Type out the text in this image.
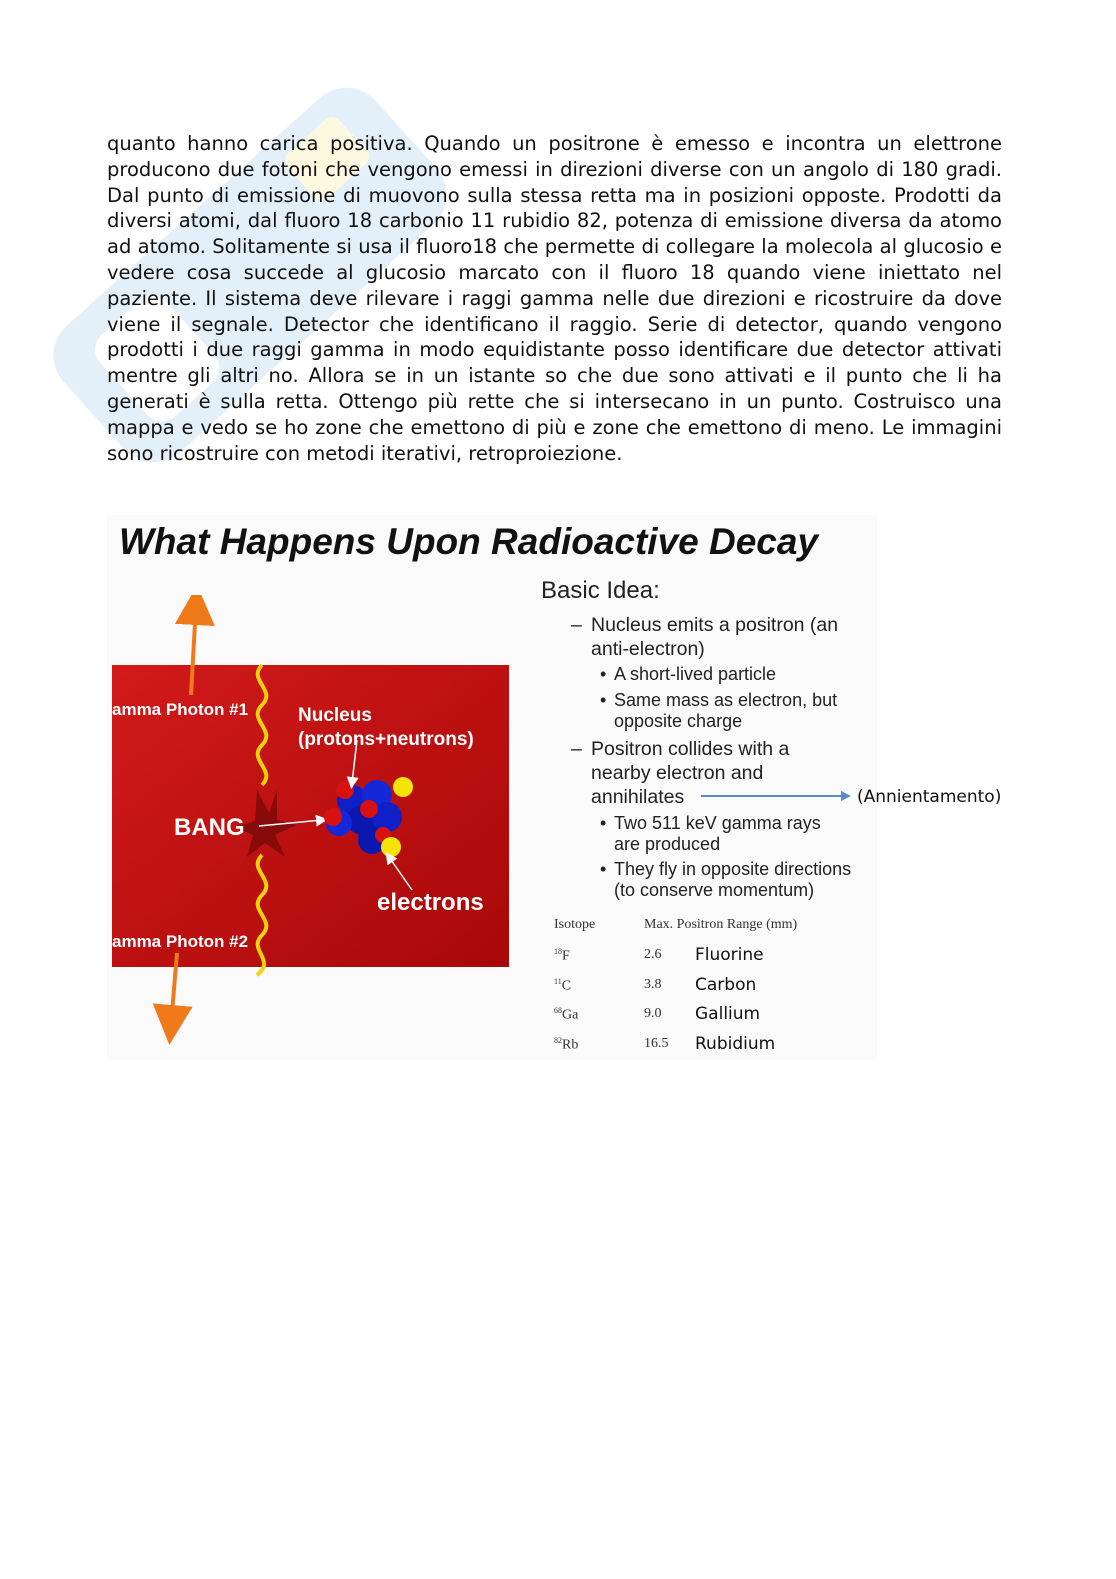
quanto hanno carica positiva. Quando un positrone è emesso e incontra un elettrone producono due fotoni che vengono emessi in direzioni diverse con un angolo di 180 gradi. Dal punto di emissione di muovono sulla stessa retta ma in posizioni opposte. Prodotti da diversi atomi, dal fluoro 18 carbonio 11 rubidio 82, potenza di emissione diversa da atomo ad atomo. Solitamente si usa il fluoro18 che permette di collegare la molecola al glucosio e vedere cosa succede al glucosio marcato con il fluoro 18 quando viene iniettato nel paziente. Il sistema deve rilevare i raggi gamma nelle due direzioni e ricostruire da dove viene il segnale. Detector che identificano il raggio. Serie di detector, quando vengono prodotti i due raggi gamma in modo equidistante posso identificare due detector attivati mentre gli altri no. Allora se in un istante so che due sono attivati e il punto che li ha generati è sulla retta. Ottengo più rette che si intersecano in un punto. Costruisco una mappa e vedo se ho zone che emettono di più e zone che emettono di meno. Le immagini sono ricostruire con metodi iterativi, retroproiezione.

What Happens Upon Radioactive Decay
amma Photon #1
amma Photon #2
Nucleus
(protons+neutrons)
BANG
electrons
Basic Idea:
– Nucleus emits a positron (an
anti-electron)
• A short-lived particle
• Same mass as electron, but
opposite charge
– Positron collides with a
nearby electron and
annihilates
• Two 511 keV gamma rays
are produced
• They fly in opposite directions
(to conserve momentum)
(Annientamento)
Isotope	Max. Positron Range (mm)
$^{18}$F	2.6 Fluorine
$^{11}$C	3.8 Carbon
$^{68}$Ga	9.0 Gallium
$^{82}$Rb	16.5 Rubidium
